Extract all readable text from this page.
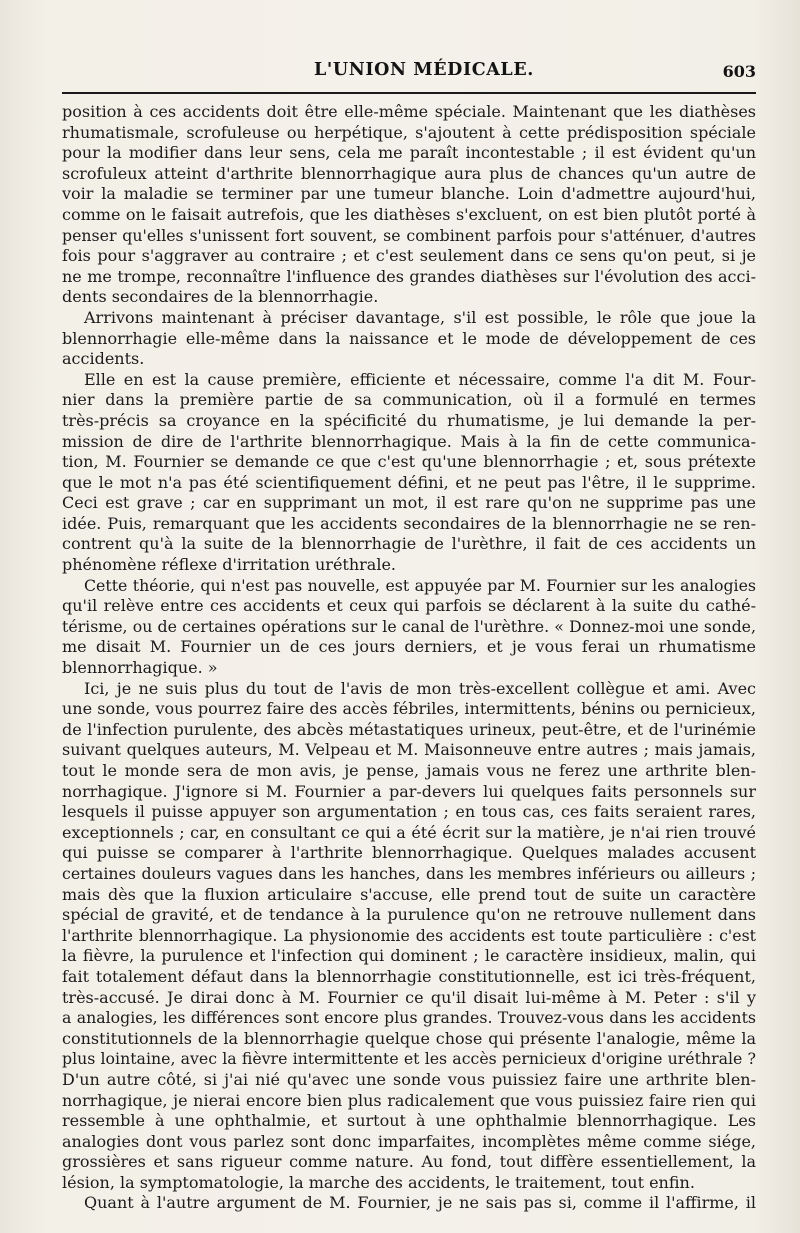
L'UNION MÉDICALE.	603
position à ces accidents doit être elle-même spéciale. Maintenant que les diathèses
rhumatismale, scrofuleuse ou herpétique, s'ajoutent à cette prédisposition spéciale
pour la modifier dans leur sens, cela me paraît incontestable ; il est évident qu'un
scrofuleux atteint d'arthrite blennorrhagique aura plus de chances qu'un autre de
voir la maladie se terminer par une tumeur blanche. Loin d'admettre aujourd'hui,
comme on le faisait autrefois, que les diathèses s'excluent, on est bien plutôt porté à
penser qu'elles s'unissent fort souvent, se combinent parfois pour s'atténuer, d'autres
fois pour s'aggraver au contraire ; et c'est seulement dans ce sens qu'on peut, si je
ne me trompe, reconnaître l'influence des grandes diathèses sur l'évolution des acci-
dents secondaires de la blennorrhagie.
Arrivons maintenant à préciser davantage, s'il est possible, le rôle que joue la
blennorrhagie elle-même dans la naissance et le mode de développement de ces
accidents.
Elle en est la cause première, efficiente et nécessaire, comme l'a dit M. Four-
nier dans la première partie de sa communication, où il a formulé en termes
très-précis sa croyance en la spécificité du rhumatisme, je lui demande la per-
mission de dire de l'arthrite blennorrhagique. Mais à la fin de cette communica-
tion, M. Fournier se demande ce que c'est qu'une blennorrhagie ; et, sous prétexte
que le mot n'a pas été scientifiquement défini, et ne peut pas l'être, il le supprime.
Ceci est grave ; car en supprimant un mot, il est rare qu'on ne supprime pas une
idée. Puis, remarquant que les accidents secondaires de la blennorrhagie ne se ren-
contrent qu'à la suite de la blennorrhagie de l'urèthre, il fait de ces accidents un
phénomène réflexe d'irritation uréthrale.
Cette théorie, qui n'est pas nouvelle, est appuyée par M. Fournier sur les analogies
qu'il relève entre ces accidents et ceux qui parfois se déclarent à la suite du cathé-
térisme, ou de certaines opérations sur le canal de l'urèthre. « Donnez-moi une sonde,
me disait M. Fournier un de ces jours derniers, et je vous ferai un rhumatisme
blennorrhagique. »
Ici, je ne suis plus du tout de l'avis de mon très-excellent collègue et ami. Avec
une sonde, vous pourrez faire des accès fébriles, intermittents, bénins ou pernicieux,
de l'infection purulente, des abcès métastatiques urineux, peut-être, et de l'urinémie
suivant quelques auteurs, M. Velpeau et M. Maisonneuve entre autres ; mais jamais,
tout le monde sera de mon avis, je pense, jamais vous ne ferez une arthrite blen-
norrhagique. J'ignore si M. Fournier a par-devers lui quelques faits personnels sur
lesquels il puisse appuyer son argumentation ; en tous cas, ces faits seraient rares,
exceptionnels ; car, en consultant ce qui a été écrit sur la matière, je n'ai rien trouvé
qui puisse se comparer à l'arthrite blennorrhagique. Quelques malades accusent
certaines douleurs vagues dans les hanches, dans les membres inférieurs ou ailleurs ;
mais dès que la fluxion articulaire s'accuse, elle prend tout de suite un caractère
spécial de gravité, et de tendance à la purulence qu'on ne retrouve nullement dans
l'arthrite blennorrhagique. La physionomie des accidents est toute particulière : c'est
la fièvre, la purulence et l'infection qui dominent ; le caractère insidieux, malin, qui
fait totalement défaut dans la blennorrhagie constitutionnelle, est ici très-fréquent,
très-accusé. Je dirai donc à M. Fournier ce qu'il disait lui-même à M. Peter : s'il y
a analogies, les différences sont encore plus grandes. Trouvez-vous dans les accidents
constitutionnels de la blennorrhagie quelque chose qui présente l'analogie, même la
plus lointaine, avec la fièvre intermittente et les accès pernicieux d'origine uréthrale ?
D'un autre côté, si j'ai nié qu'avec une sonde vous puissiez faire une arthrite blen-
norrhagique, je nierai encore bien plus radicalement que vous puissiez faire rien qui
ressemble à une ophthalmie, et surtout à une ophthalmie blennorrhagique. Les
analogies dont vous parlez sont donc imparfaites, incomplètes même comme siége,
grossières et sans rigueur comme nature. Au fond, tout diffère essentiellement, la
lésion, la symptomatologie, la marche des accidents, le traitement, tout enfin.
Quant à l'autre argument de M. Fournier, je ne sais pas si, comme il l'affirme, il
